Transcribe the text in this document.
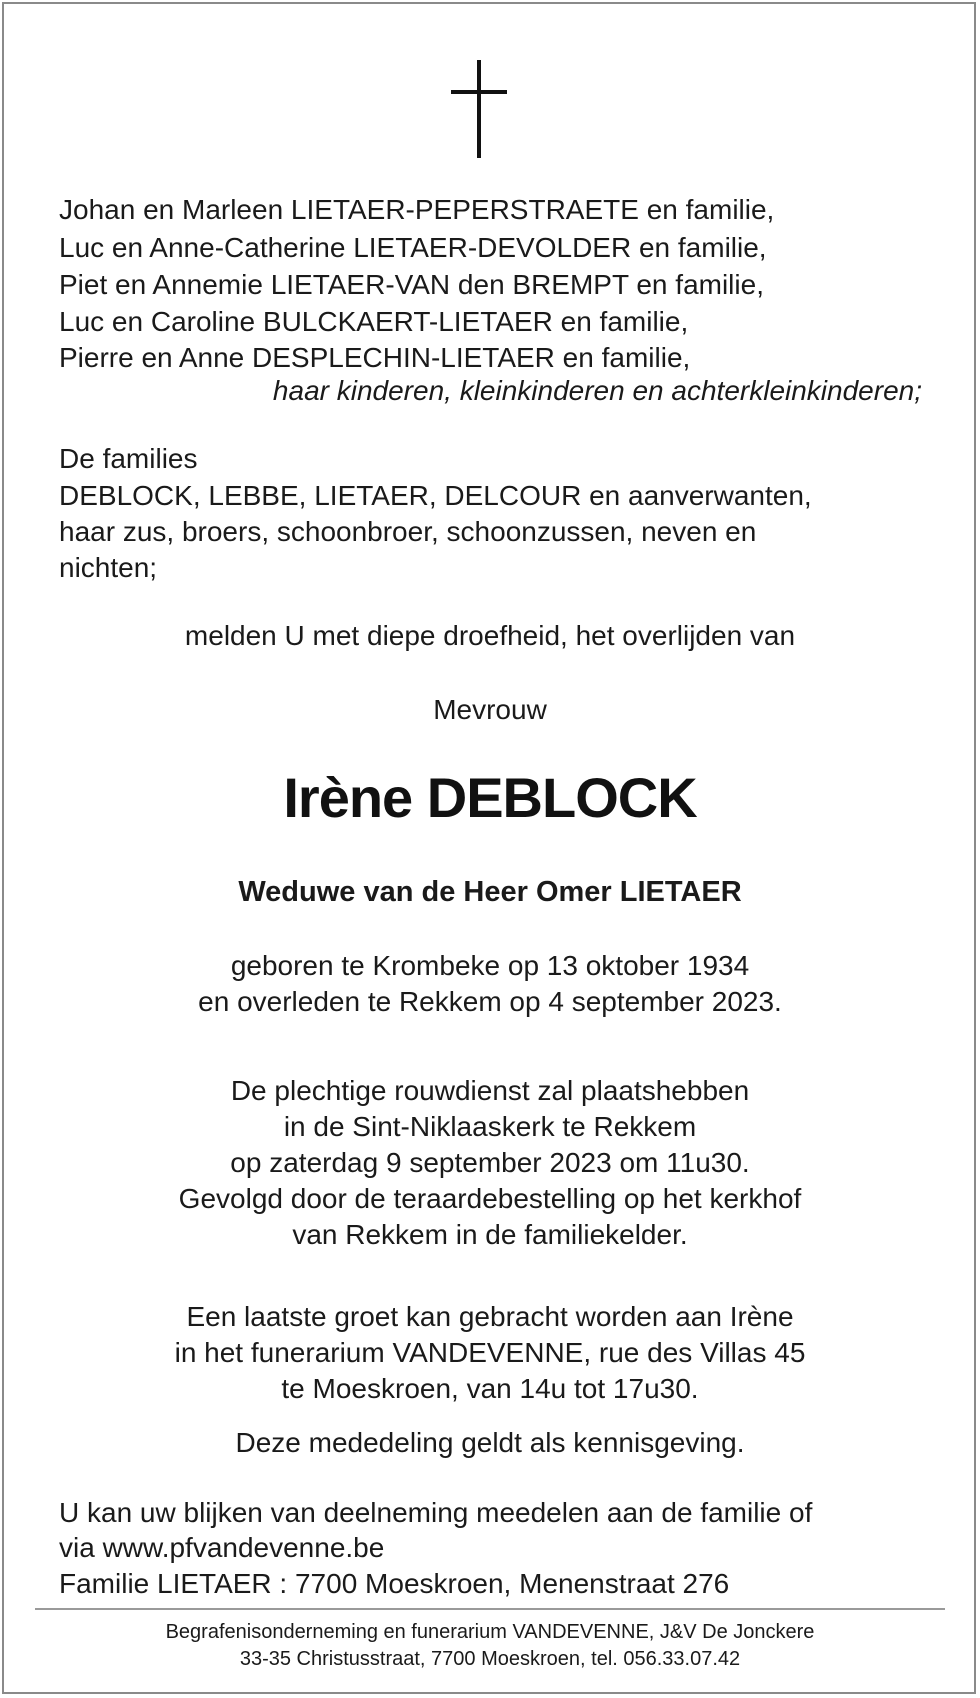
Johan en Marleen LIETAER-PEPERSTRAETE en familie,
Luc en Anne-Catherine LIETAER-DEVOLDER en familie,
Piet en Annemie LIETAER-VAN den BREMPT en familie,
Luc en Caroline BULCKAERT-LIETAER en familie,
Pierre en Anne DESPLECHIN-LIETAER en familie,
haar kinderen, kleinkinderen en achterkleinkinderen;
De families
DEBLOCK, LEBBE, LIETAER, DELCOUR en aanverwanten,
haar zus, broers, schoonbroer, schoonzussen, neven en
nichten;
melden U met diepe droefheid, het overlijden van
Mevrouw
Irène DEBLOCK
Weduwe van de Heer Omer LIETAER
geboren te Krombeke op 13 oktober 1934
en overleden te Rekkem op 4 september 2023.
De plechtige rouwdienst zal plaatshebben
in de Sint-Niklaaskerk te Rekkem
op zaterdag 9 september 2023 om 11u30.
Gevolgd door de teraardebestelling op het kerkhof
van Rekkem in de familiekelder.
Een laatste groet kan gebracht worden aan Irène
in het funerarium VANDEVENNE, rue des Villas 45
te Moeskroen, van 14u tot 17u30.
Deze mededeling geldt als kennisgeving.
U kan uw blijken van deelneming meedelen aan de familie of
via www.pfvandevenne.be
Familie LIETAER : 7700 Moeskroen, Menenstraat 276
Begrafenisonderneming en funerarium VANDEVENNE, J&V De Jonckere
33-35 Christusstraat, 7700 Moeskroen, tel. 056.33.07.42
